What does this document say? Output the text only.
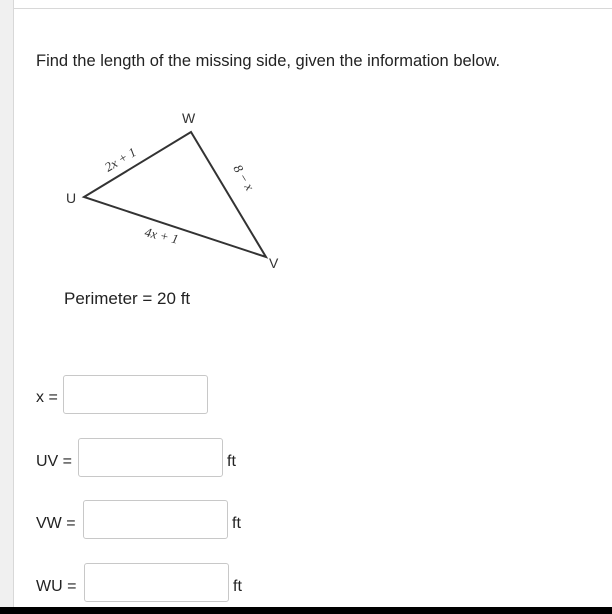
Find the length of the missing side, given the information below.
W
U
V
2x + 1
8 − x
4x + 1
Perimeter = 20 ft
x =
UV =	ft
VW =	ft
WU =	ft
